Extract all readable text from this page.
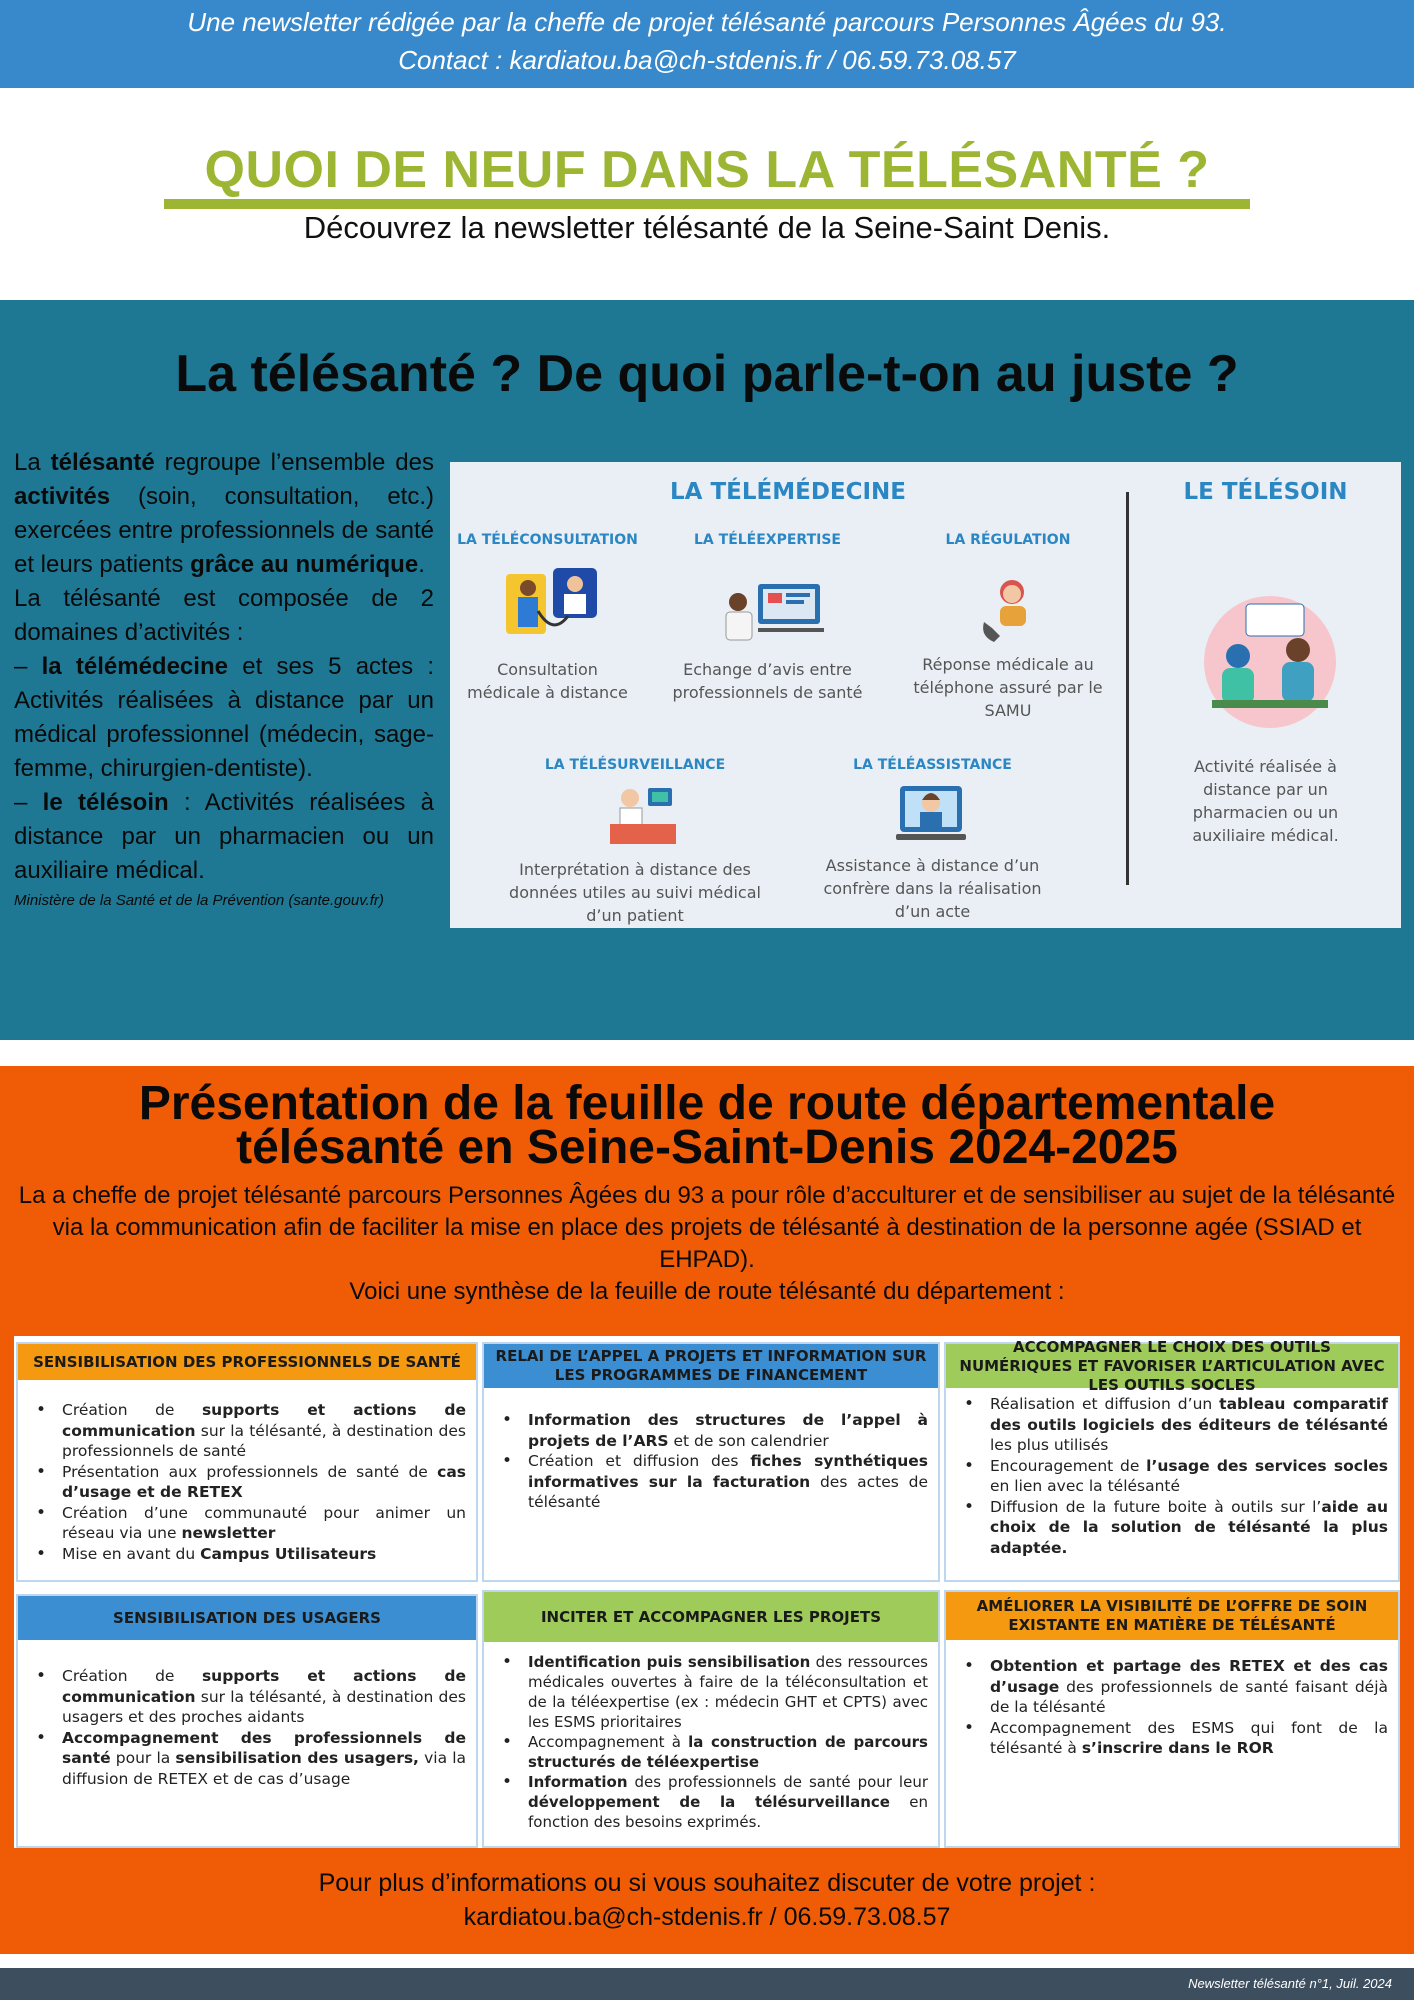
Une newsletter rédigée par la cheffe de projet télésanté parcours Personnes Âgées du 93.
Contact : kardiatou.ba@ch-stdenis.fr / 06.59.73.08.57
QUOI DE NEUF DANS LA TÉLÉSANTÉ ?
Découvrez la newsletter télésanté de la Seine-Saint Denis.
La télésanté ? De quoi parle-t-on au juste ?

La télésanté regroupe l’ensemble des activités (soin, consultation, etc.) exercées entre professionnels de santé et leurs patients grâce au numérique.

La télésanté est composée de 2 domaines d’activités :

– la télémédecine et ses 5 actes : Activités réalisées à distance par un médical professionnel (médecin, sage-femme, chirurgien-dentiste).

– le télésoin : Activités réalisées à distance par un pharmacien ou un auxiliaire médical.

Ministère de la Santé et de la Prévention (sante.gouv.fr)

LA TÉLÉMÉDECINE	LE TÉLÉSOIN
LA TÉLÉCONSULTATION
Consultation
médicale à distance
LA TÉLÉEXPERTISE
Echange d’avis entre
professionnels de santé
LA RÉGULATION
Réponse médicale au
téléphone assuré par le
SAMU
LA TÉLÉSURVEILLANCE
Interprétation à distance des
données utiles au suivi médical
d’un patient
LA TÉLÉASSISTANCE
Assistance à distance d’un
confrère dans la réalisation
d’un acte
Activité réalisée à
distance par un
pharmacien ou un
auxiliaire médical.
Présentation de la feuille de route départementale
télésanté en Seine-Saint-Denis 2024-2025
La a cheffe de projet télésanté parcours Personnes Âgées du 93 a pour rôle d’acculturer et de sensibiliser au sujet de la télésanté via la communication afin de faciliter la mise en place des projets de télésanté à destination de la personne agée (SSIAD et EHPAD).
Voici une synthèse de la feuille de route télésanté du département :
Pour plus d’informations ou si vous souhaitez discuter de votre projet :
kardiatou.ba@ch-stdenis.fr / 06.59.73.08.57
SENSIBILISATION DES PROFESSIONNELS DE SANTÉ
• Création de supports et actions de communication sur la télésanté, à destination des professionnels de santé
• Présentation aux professionnels de santé de cas d’usage et de RETEX
• Création d’une communauté pour animer un réseau via une newsletter
• Mise en avant du Campus Utilisateurs
RELAI DE L’APPEL A PROJETS ET INFORMATION SUR LES PROGRAMMES DE FINANCEMENT
• Information des structures de l’appel à projets de l’ARS et de son calendrier
• Création et diffusion des fiches synthétiques informatives sur la facturation des actes de télésanté
ACCOMPAGNER LE CHOIX DES OUTILS NUMÉRIQUES ET FAVORISER L’ARTICULATION AVEC LES OUTILS SOCLES
• Réalisation et diffusion d’un tableau comparatif des outils logiciels des éditeurs de télésanté les plus utilisés
• Encouragement de l’usage des services socles en lien avec la télésanté
• Diffusion de la future boite à outils sur l’aide au choix de la solution de télésanté la plus adaptée.
SENSIBILISATION DES USAGERS
• Création de supports et actions de communication sur la télésanté, à destination des usagers et des proches aidants
• Accompagnement des professionnels de santé pour la sensibilisation des usagers, via la diffusion de RETEX et de cas d’usage
INCITER ET ACCOMPAGNER LES PROJETS
• Identification puis sensibilisation des ressources médicales ouvertes à faire de la téléconsultation et de la téléexpertise (ex : médecin GHT et CPTS) avec les ESMS prioritaires
• Accompagnement à la construction de parcours structurés de téléexpertise
• Information des professionnels de santé pour leur développement de la télésurveillance en fonction des besoins exprimés.
AMÉLIORER LA VISIBILITÉ DE L’OFFRE DE SOIN EXISTANTE EN MATIÈRE DE TÉLÉSANTÉ
• Obtention et partage des RETEX et des cas d’usage des professionnels de santé faisant déjà de la télésanté
• Accompagnement des ESMS qui font de la télésanté à s’inscrire dans le ROR
Newsletter télésanté n°1, Juil. 2024
